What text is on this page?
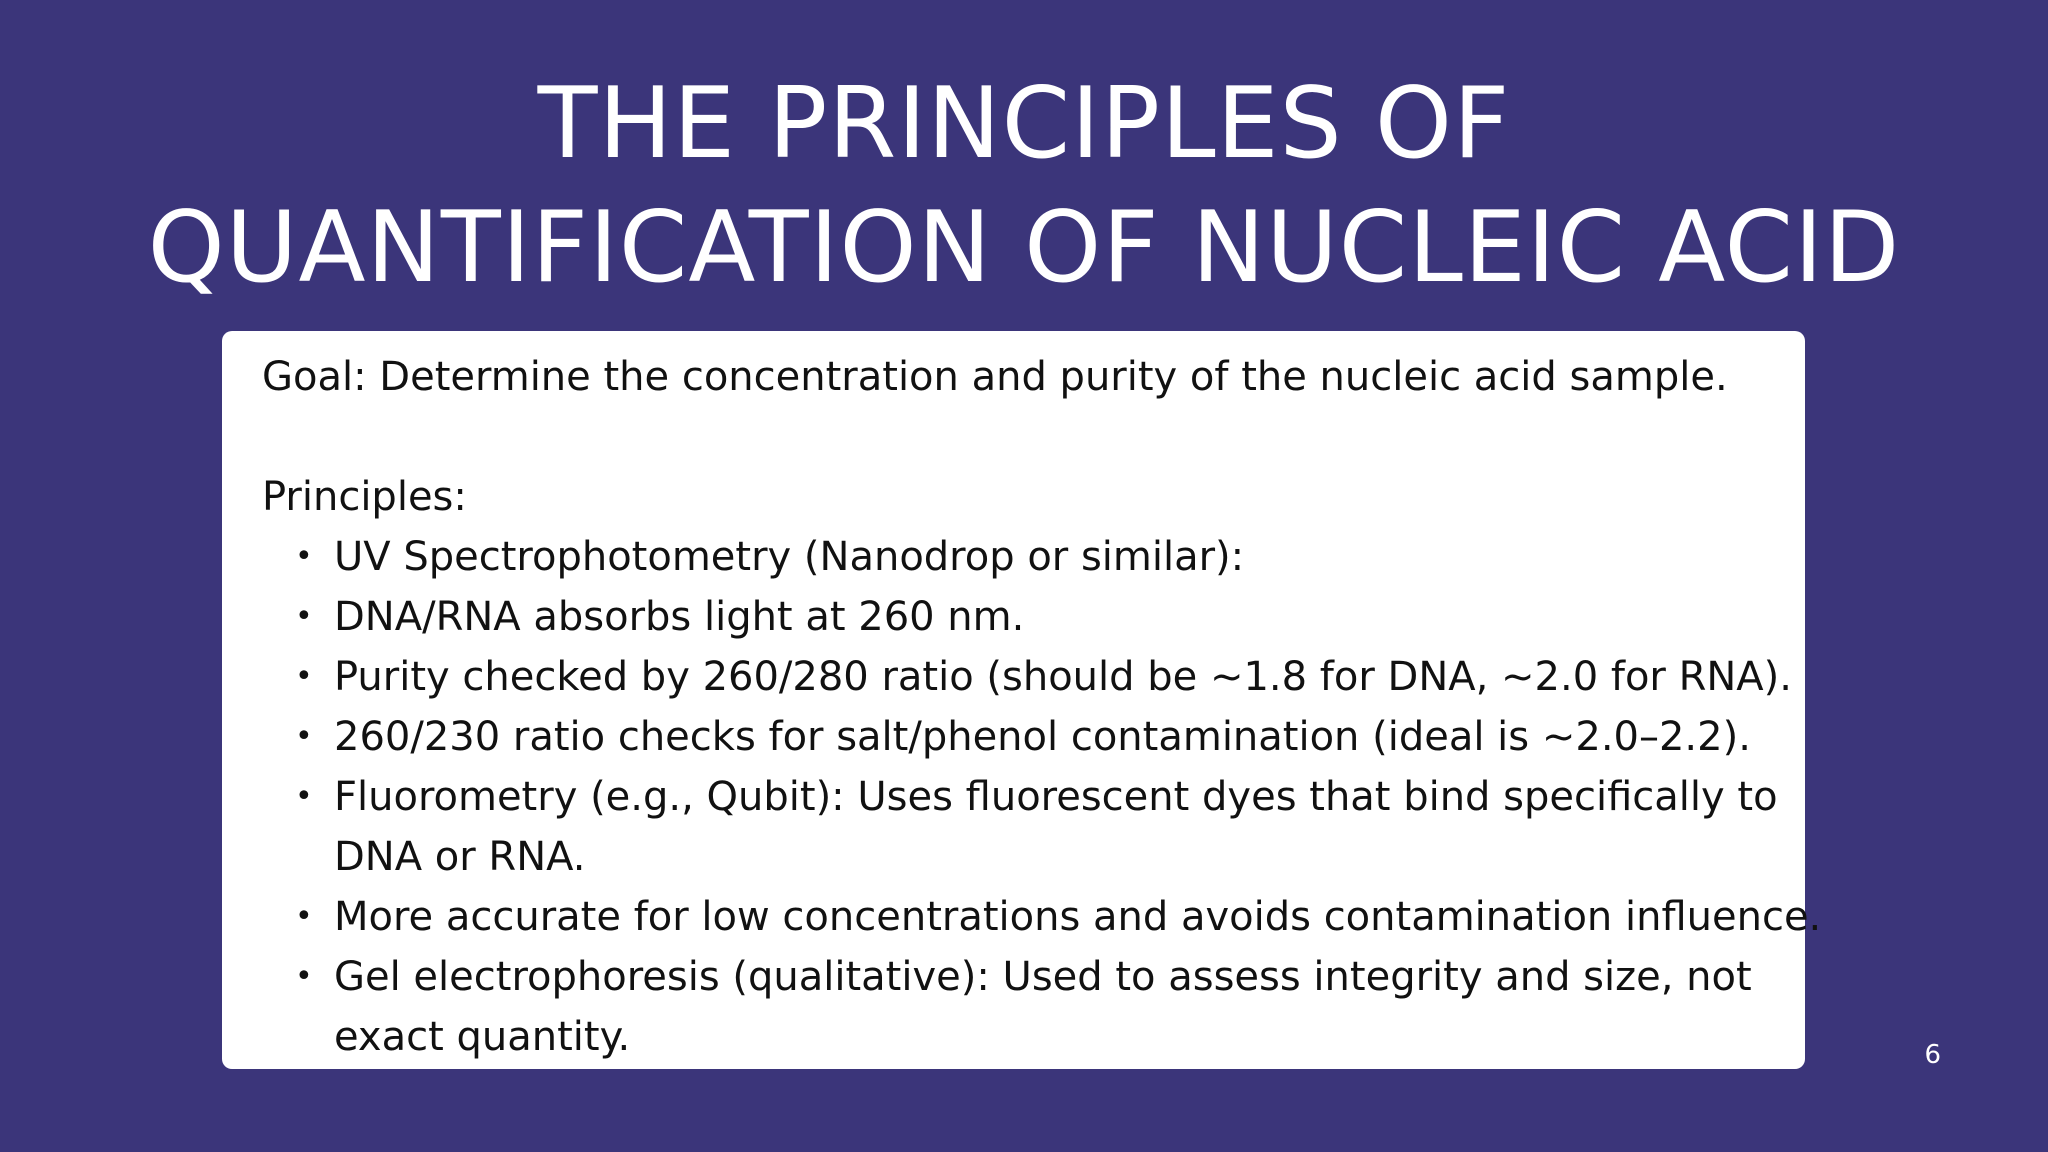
THE PRINCIPLES OF
QUANTIFICATION OF NUCLEIC ACID

Goal: Determine the concentration and purity of the nucleic acid sample.

Principles:

• UV Spectrophotometry (Nanodrop or similar):
• DNA/RNA absorbs light at 260 nm.
• Purity checked by 260/280 ratio (should be ~1.8 for DNA, ~2.0 for RNA).
• 260/230 ratio checks for salt/phenol contamination (ideal is ~2.0–2.2).
• Fluorometry (e.g., Qubit): Uses fluorescent dyes that bind specifically to DNA or RNA.
• More accurate for low concentrations and avoids contamination influence.
• Gel electrophoresis (qualitative): Used to assess integrity and size, not exact quantity.	6
